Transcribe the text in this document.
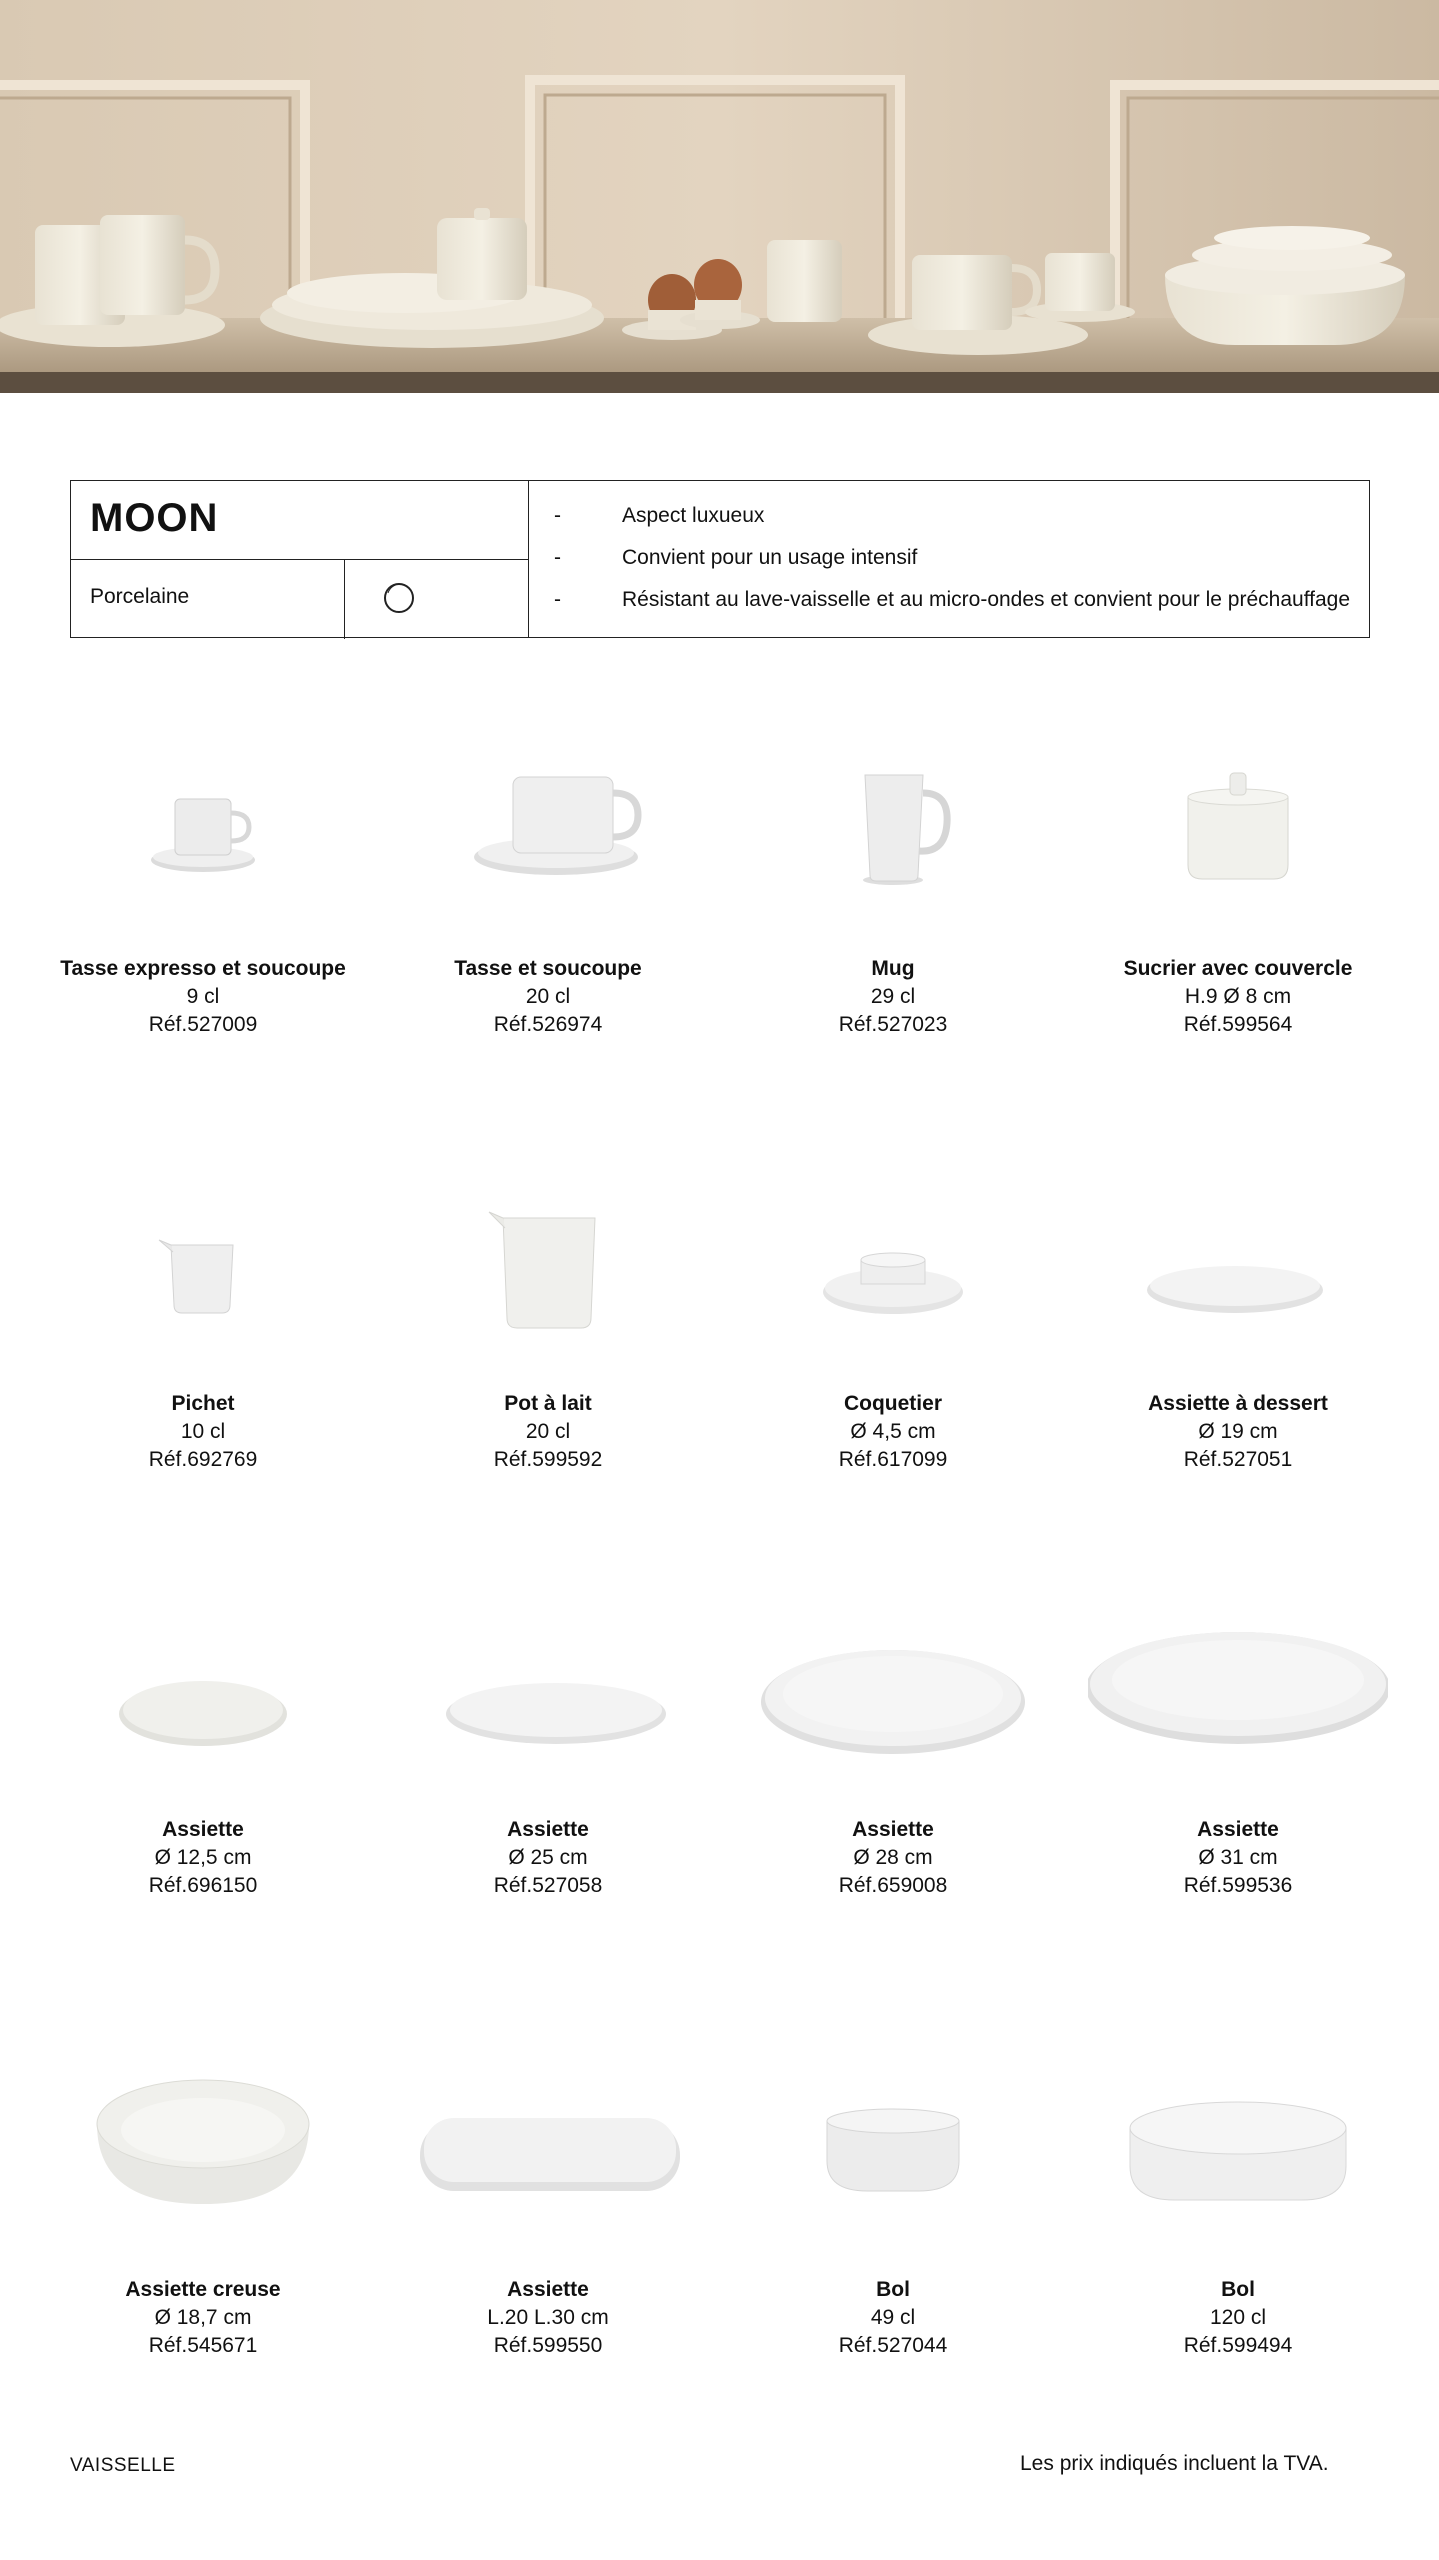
MOON
Porcelaine
-	Aspect luxueux
-	Convient pour un usage intensif
-	Résistant au lave-vaisselle et au micro-ondes et convient pour le préchauffage
Tasse expresso et soucoupe
9 cl
Réf.527009
Tasse et soucoupe
20 cl
Réf.526974
Mug
29 cl
Réf.527023
Sucrier avec couvercle
H.9 Ø 8 cm
Réf.599564
Pichet
10 cl
Réf.692769
Pot à lait
20 cl
Réf.599592
Coquetier
Ø 4,5 cm
Réf.617099
Assiette à dessert
Ø 19 cm
Réf.527051
Assiette
Ø 12,5 cm
Réf.696150
Assiette
Ø 25 cm
Réf.527058
Assiette
Ø 28 cm
Réf.659008
Assiette
Ø 31 cm
Réf.599536
Assiette creuse
Ø 18,7 cm
Réf.545671
Assiette
L.20 L.30 cm
Réf.599550
Bol
49 cl
Réf.527044
Bol
120 cl
Réf.599494
VAISSELLE	Les prix indiqués incluent la TVA.
